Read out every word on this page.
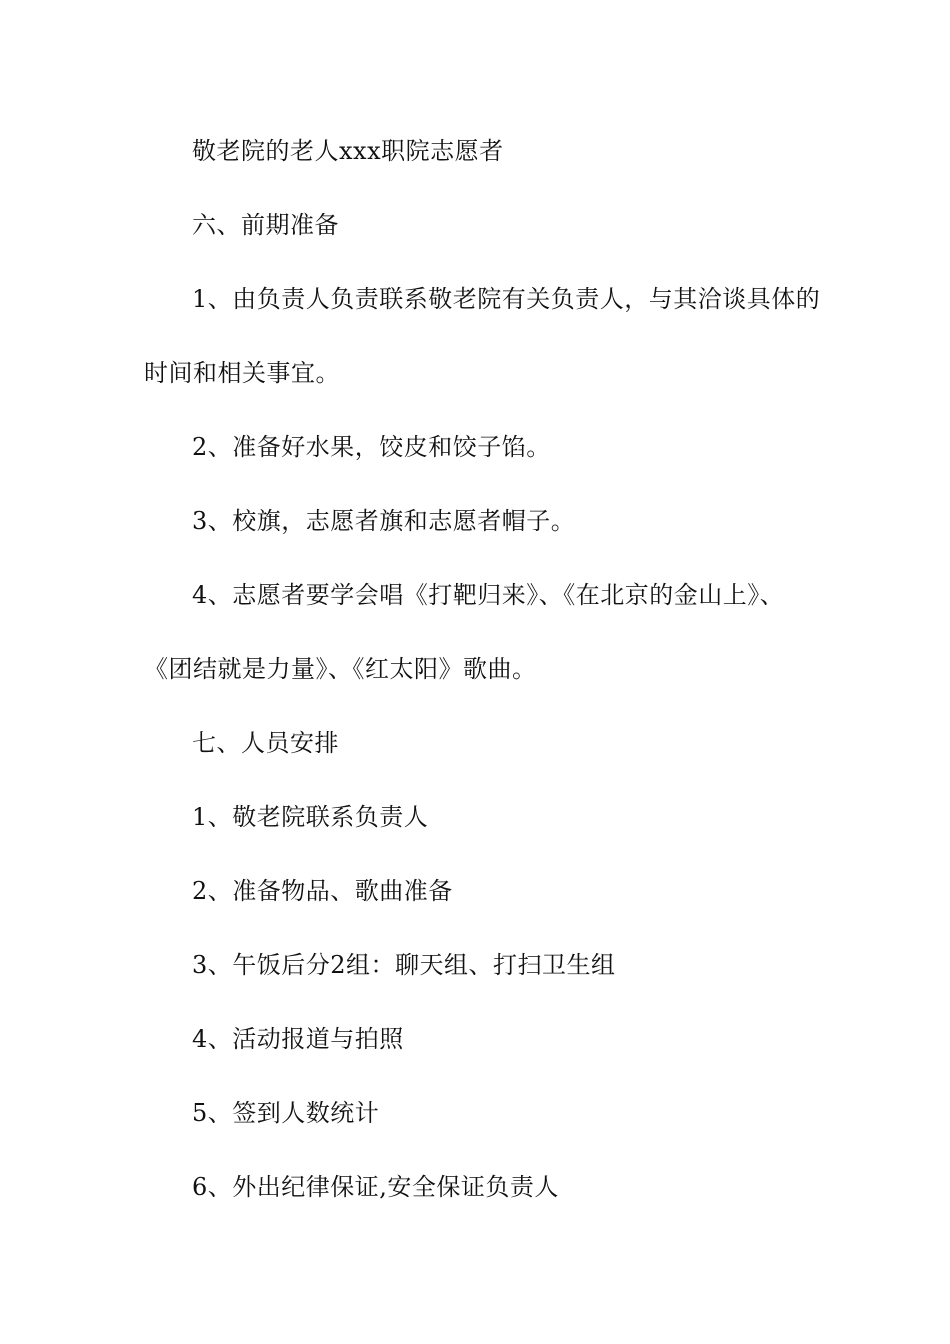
敬老院的老人xxx职院志愿者

六、前期准备

1、由负责人负责联系敬老院有关负责人，与其洽谈具体的

时间和相关事宜。

2、准备好水果，饺皮和饺子馅。

3、校旗，志愿者旗和志愿者帽子。

4、志愿者要学会唱《打靶归来》、《在北京的金山上》、

《团结就是力量》、《红太阳》歌曲。

七、人员安排

1、敬老院联系负责人

2、准备物品、歌曲准备

3、午饭后分2组：聊天组、打扫卫生组

4、活动报道与拍照

5、签到人数统计

6、外出纪律保证,安全保证负责人
